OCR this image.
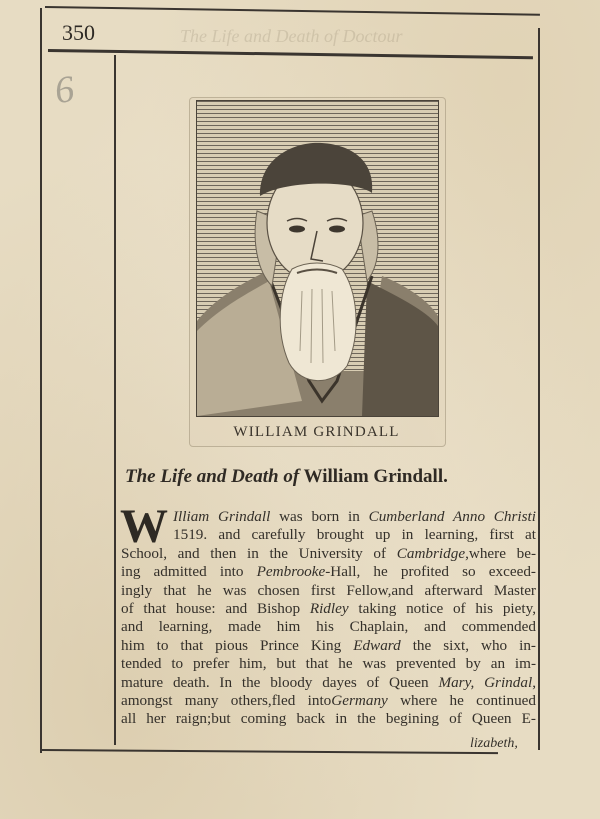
The Life and Death of Doctour
350
6
WILLIAM GRINDALL
The Life and Death of William Grindall.
W Illiam Grindall was born in Cumberland Anno Christi
1519. and carefully brought up in learning, first at
School, and then in the University of Cambridge,where be-
ing admitted into Pembrooke-Hall, he profited so exceed-
ingly that he was chosen first Fellow,and afterward Master
of that house: and Bishop Ridley taking notice of his piety,
and learning, made him his Chaplain, and commended
him to that pious Prince King Edward the sixt, who in-
tended to prefer him, but that he was prevented by an im-
mature death. In the bloody dayes of Queen Mary, Grindal,
amongst many others,fled intoGermany where he continued
all her raign;but coming back in the begining of Queen E-
lizabeth,
